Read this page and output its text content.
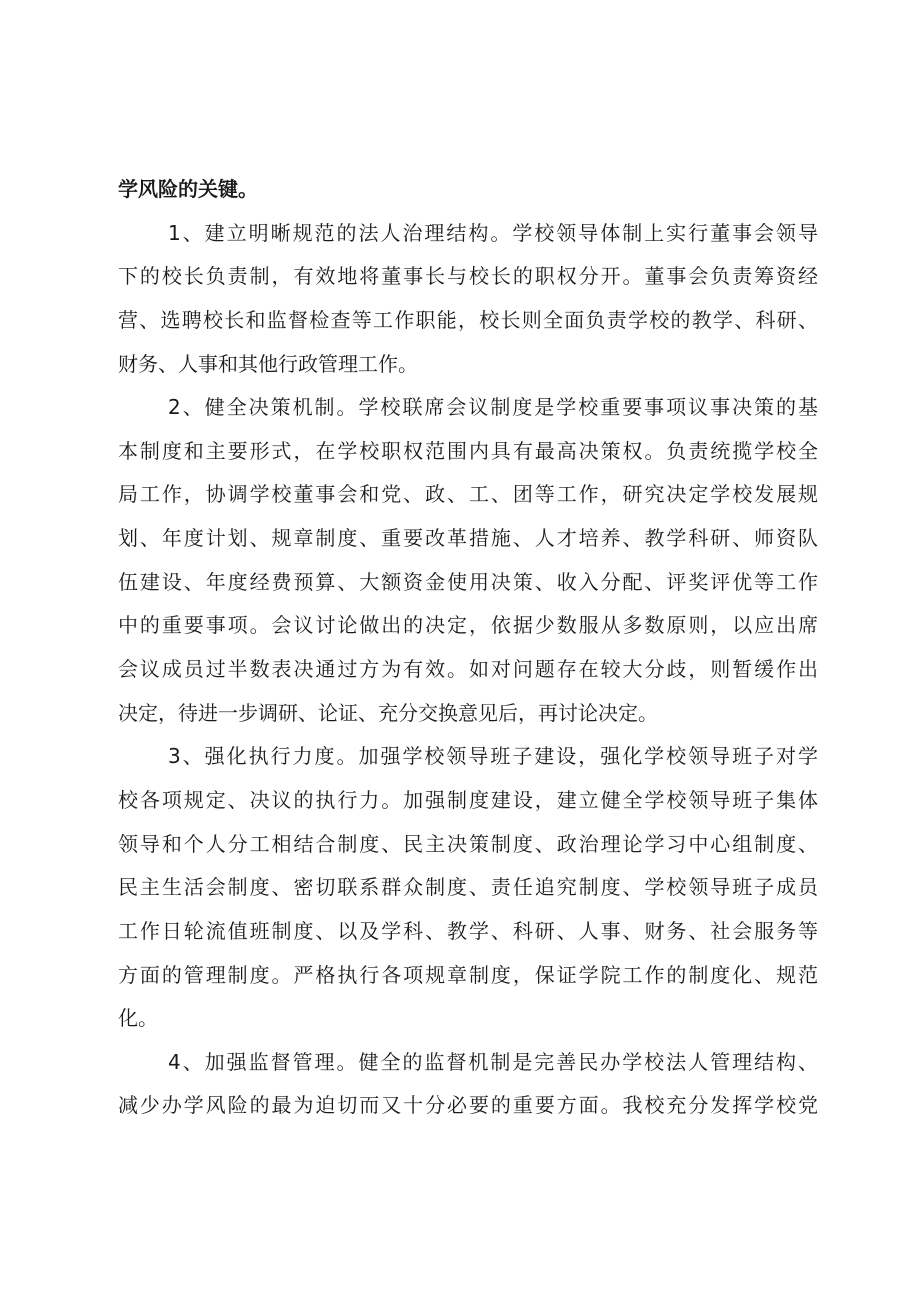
学风险的关键。
1、建立明晰规范的法人治理结构。学校领导体制上实行董事会领导
下的校长负责制，有效地将董事长与校长的职权分开。董事会负责筹资经
营、选聘校长和监督检查等工作职能，校长则全面负责学校的教学、科研、
财务、人事和其他行政管理工作。
2、健全决策机制。学校联席会议制度是学校重要事项议事决策的基
本制度和主要形式，在学校职权范围内具有最高决策权。负责统揽学校全
局工作，协调学校董事会和党、政、工、团等工作，研究决定学校发展规
划、年度计划、规章制度、重要改革措施、人才培养、教学科研、师资队
伍建设、年度经费预算、大额资金使用决策、收入分配、评奖评优等工作
中的重要事项。会议讨论做出的决定，依据少数服从多数原则，以应出席
会议成员过半数表决通过方为有效。如对问题存在较大分歧，则暂缓作出
决定，待进一步调研、论证、充分交换意见后，再讨论决定。
3、强化执行力度。加强学校领导班子建设，强化学校领导班子对学
校各项规定、决议的执行力。加强制度建设，建立健全学校领导班子集体
领导和个人分工相结合制度、民主决策制度、政治理论学习中心组制度、
民主生活会制度、密切联系群众制度、责任追究制度、学校领导班子成员
工作日轮流值班制度、以及学科、教学、科研、人事、财务、社会服务等
方面的管理制度。严格执行各项规章制度，保证学院工作的制度化、规范
化。
4、加强监督管理。健全的监督机制是完善民办学校法人管理结构、
减少办学风险的最为迫切而又十分必要的重要方面。我校充分发挥学校党
